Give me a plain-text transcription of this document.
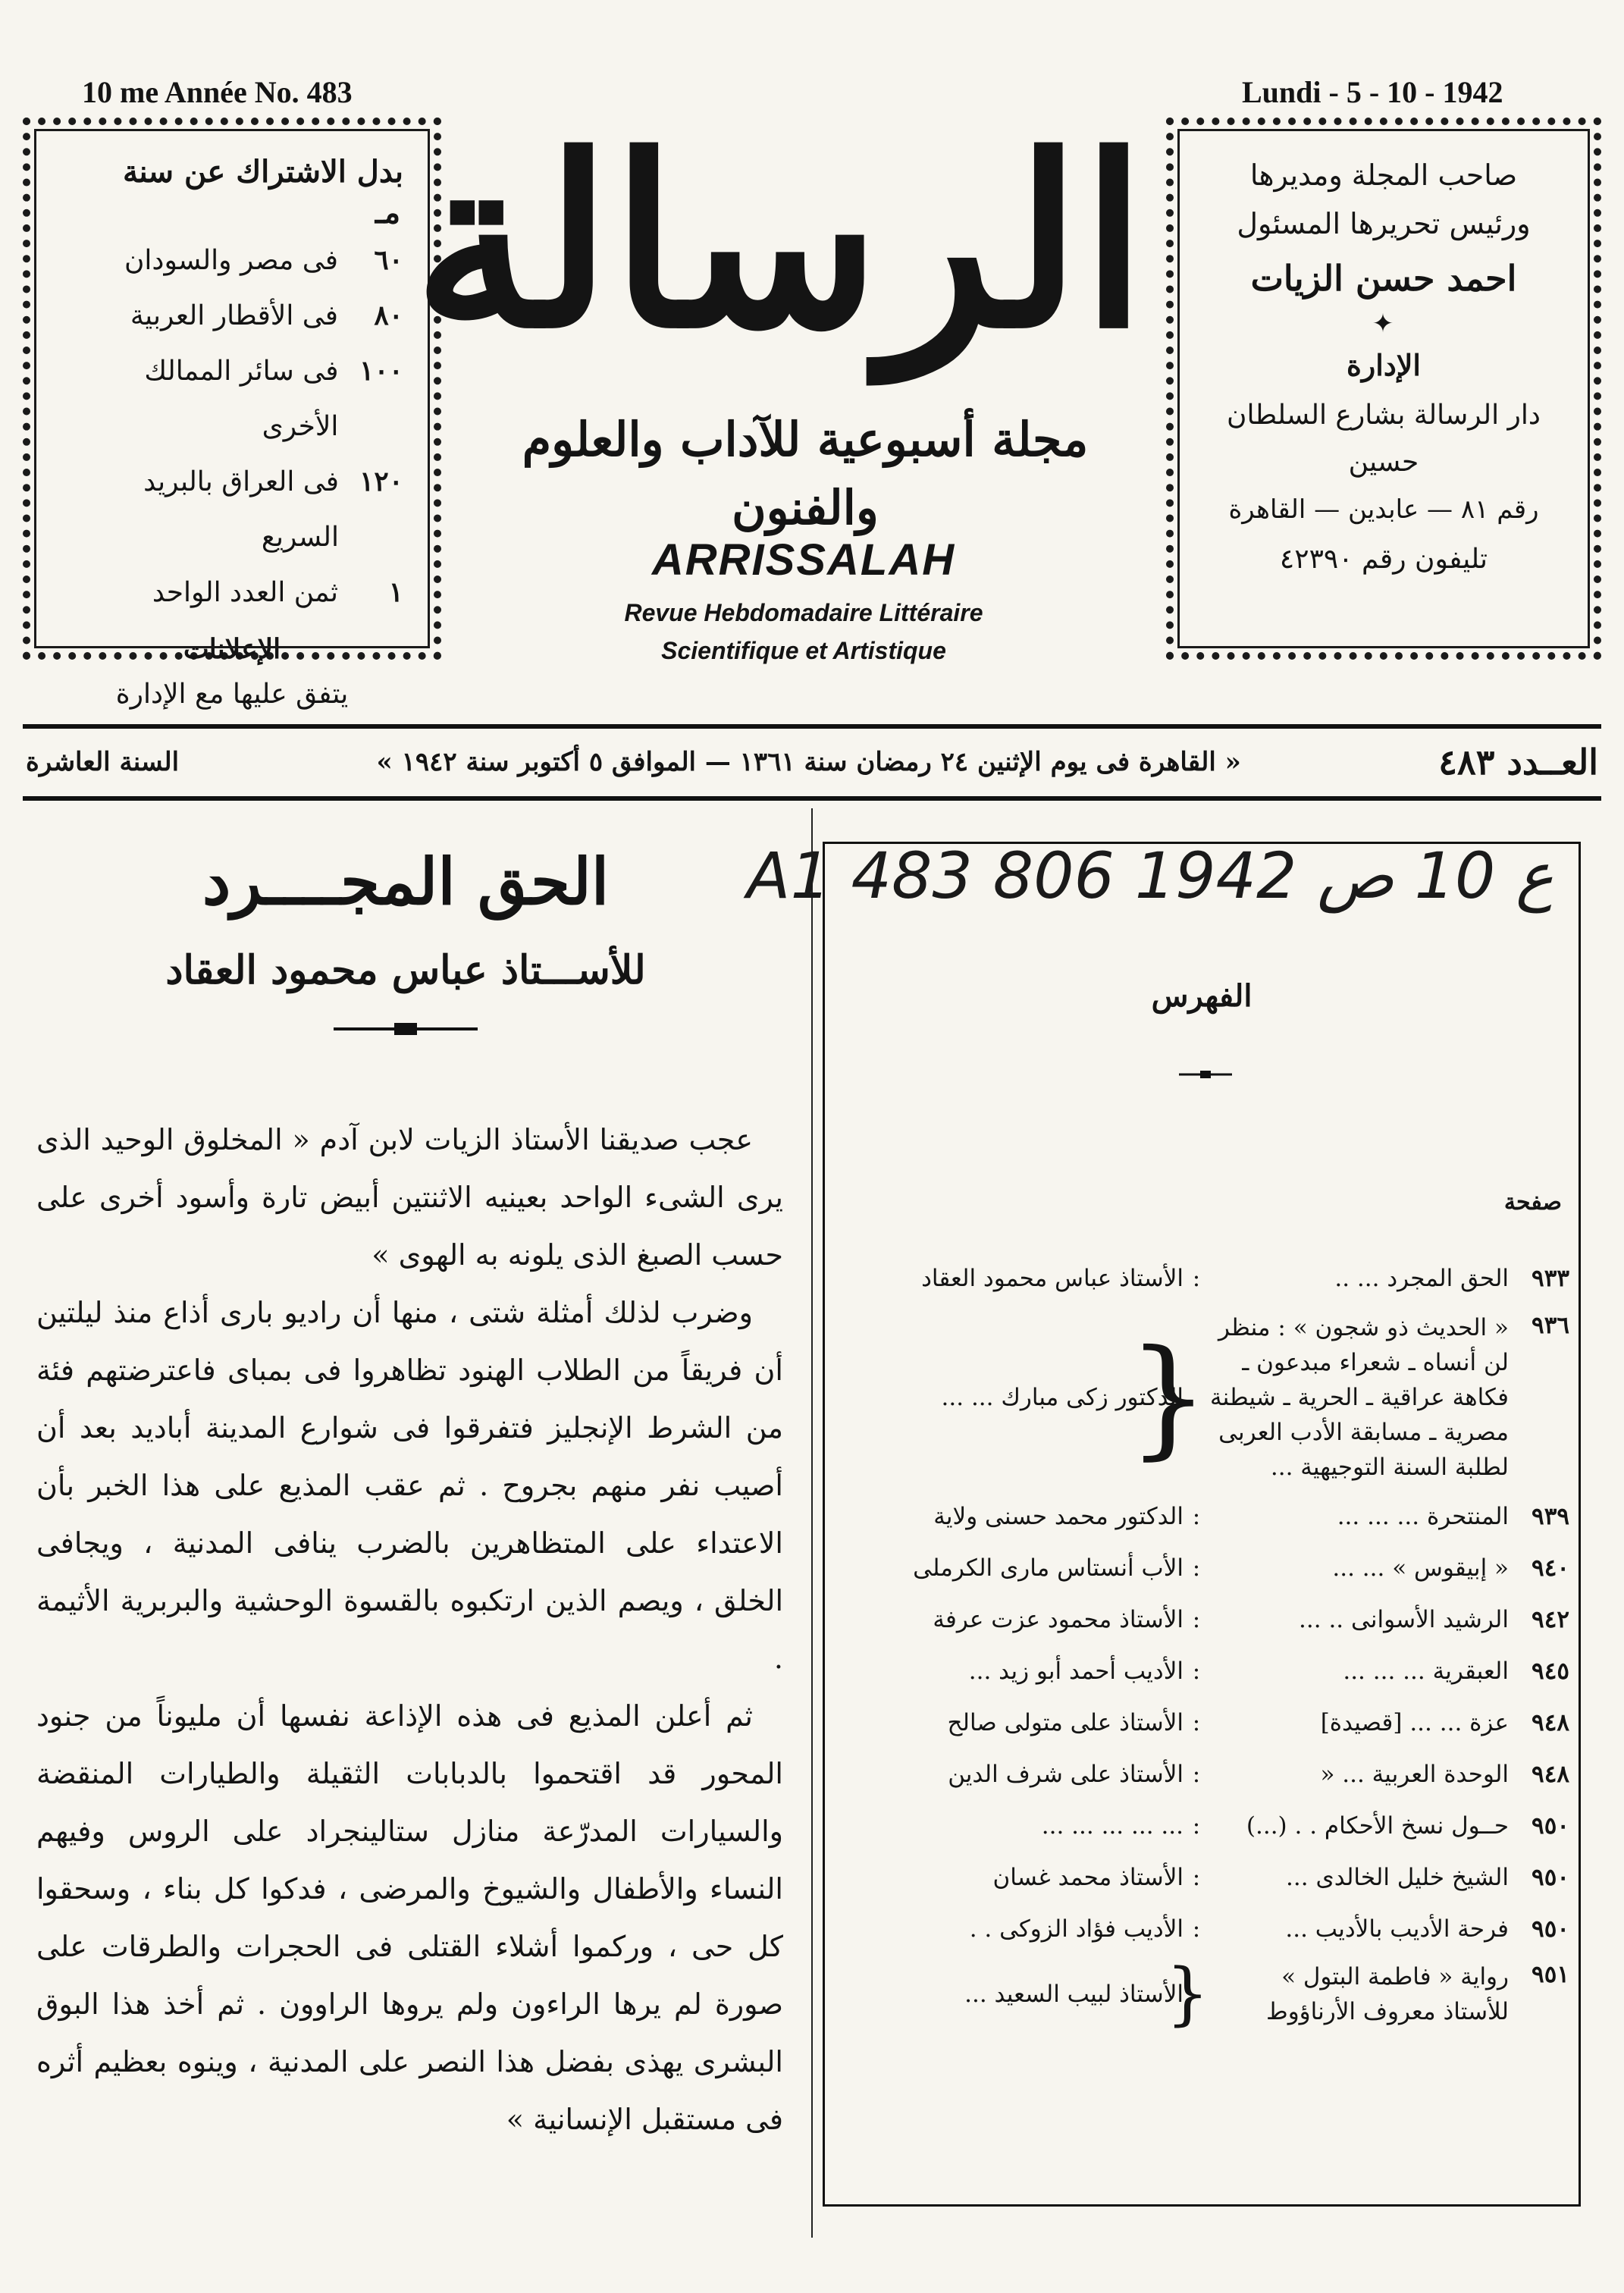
10 me Année No. 483	Lundi - 5 - 10 - 1942
بدل الاشتراك عن سنة
مـ
٦٠
فى مصر والسودان
٨٠
فى الأقطار العربية
١٠٠
فى سائر الممالك الأخرى
١٢٠
فى العراق بالبريد السريع
١
ثمن العدد الواحد
الإعلانات
يتفق عليها مع الإدارة
الرسالة
مجلة أسبوعية للآداب والعلوم والفنون
ARRISSALAH
Revue Hebdomadaire Littéraire
Scientifique et Artistique
صاحب المجلة ومديرها
ورئيس تحريرها المسئول
احمد حسن الزيات
✦
الإدارة
دار الرسالة بشارع السلطان حسين
رقم ٨١ — عابدين — القاهرة
تليفون رقم ٤٢٣٩٠
العــدد ٤٨٣
« القاهرة فى يوم الإثنين ٢٤ رمضان سنة ١٣٦١ — الموافق ٥ أكتوبر سنة ١٩٤٢ »
السنة العاشرة
الحق المجــــرد
للأســـتاذ عباس محمود العقاد

عجب صديقنا الأستاذ الزيات لابن آدم « المخلوق الوحيد الذى يرى الشىء الواحد بعينيه الاثنتين أبيض تارة وأسود أخرى على حسب الصبغ الذى يلونه به الهوى »

وضرب لذلك أمثلة شتى ، منها أن راديو بارى أذاع منذ ليلتين أن فريقاً من الطلاب الهنود تظاهروا فى بمباى فاعترضتهم فئة من الشرط الإنجليز فتفرقوا فى شوارع المدينة أباديد بعد أن أصيب نفر منهم بجروح . ثم عقب المذيع على هذا الخبر بأن الاعتداء على المتظاهرين بالضرب ينافى المدنية ، ويجافى الخلق ، ويصم الذين ارتكبوه بالقسوة الوحشية والبربرية الأثيمة .

ثم أعلن المذيع فى هذه الإذاعة نفسها أن مليوناً من جنود المحور قد اقتحموا بالدبابات الثقيلة والطيارات المنقضة والسيارات المدرّعة منازل ستالينجراد على الروس وفيهم النساء والأطفال والشيوخ والمرضى ، فدكوا كل بناء ، وسحقوا كل حى ، وركموا أشلاء القتلى فى الحجرات والطرقات على صورة لم يرها الراءون ولم يروها الراوون . ثم أخذ هذا البوق البشرى يهذى بفضل هذا النصر على المدنية ، وينوه بعظيم أثره فى مستقبل الإنسانية »

A1 483 ع 10 ص 1942 806
الفهرس
صفحة
٩٣٣
الحق المجرد ... ..
:
الأستاذ عباس محمود العقاد
٩٣٦
« الحديث ذو شجون » : منظر لن أنساه ـ شعراء مبدعون ـ فكاهة عراقية ـ الحرية ـ شيطنة مصرية ـ مسابقة الأدب العربى لطلبة السنة التوجيهية ...
{
الدكتور زكى مبارك ... ...
٩٣٩
المنتحرة ... ... ...
:
الدكتور محمد حسنى ولاية
٩٤٠
« إبيقوس » ... ...
:
الأب أنستاس مارى الكرملى
٩٤٢
الرشيد الأسوانى .. ...
:
الأستاذ محمود عزت عرفة
٩٤٥
العبقرية ... ... ...
:
الأديب أحمد أبو زيد ...
٩٤٨
عزة ... ... [قصيدة]
:
الأستاذ على متولى صالح
٩٤٨
الوحدة العربية ... «
:
الأستاذ على شرف الدين
٩٥٠
حــول نسخ الأحكام . . (...)
:
... ... ... ... ...
٩٥٠
الشيخ خليل الخالدى ...
:
الأستاذ محمد غسان
٩٥٠
فرحة الأديب بالأديب ...
:
الأديب فؤاد الزوكى . .
٩٥١
رواية « فاطمة البتول » للأستاذ معروف الأرناؤوط
{
الأستاذ لبيب السعيد ...
